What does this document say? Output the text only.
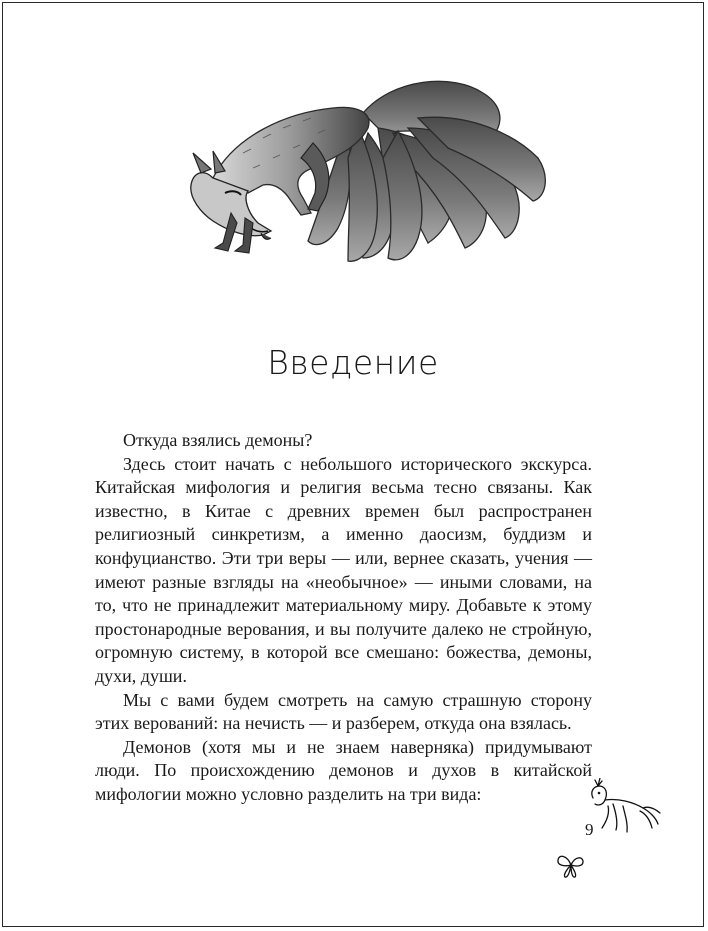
Введение

Откуда взялись демоны?

Здесь стоит начать с небольшого исторического экскурса. Китайская мифология и религия весьма тесно связаны. Как известно, в Китае с древних времен был распространен религиозный синкретизм, а именно даосизм, буддизм и конфуцианство. Эти три веры — или, вернее сказать, учения — имеют разные взгляды на «необычное» — иными словами, на то, что не принадлежит материальному миру. Добавьте к этому простонародные верования, и вы получите далеко не стройную, огромную систему, в которой все смешано: божества, демоны, духи, души.

Мы с вами будем смотреть на самую страшную сторону этих верований: на нечисть — и разберем, откуда она взялась.

Демонов (хотя мы и не знаем наверняка) придумывают люди. По происхождению демонов и духов в китайской мифологии можно условно разделить на три вида:

9
